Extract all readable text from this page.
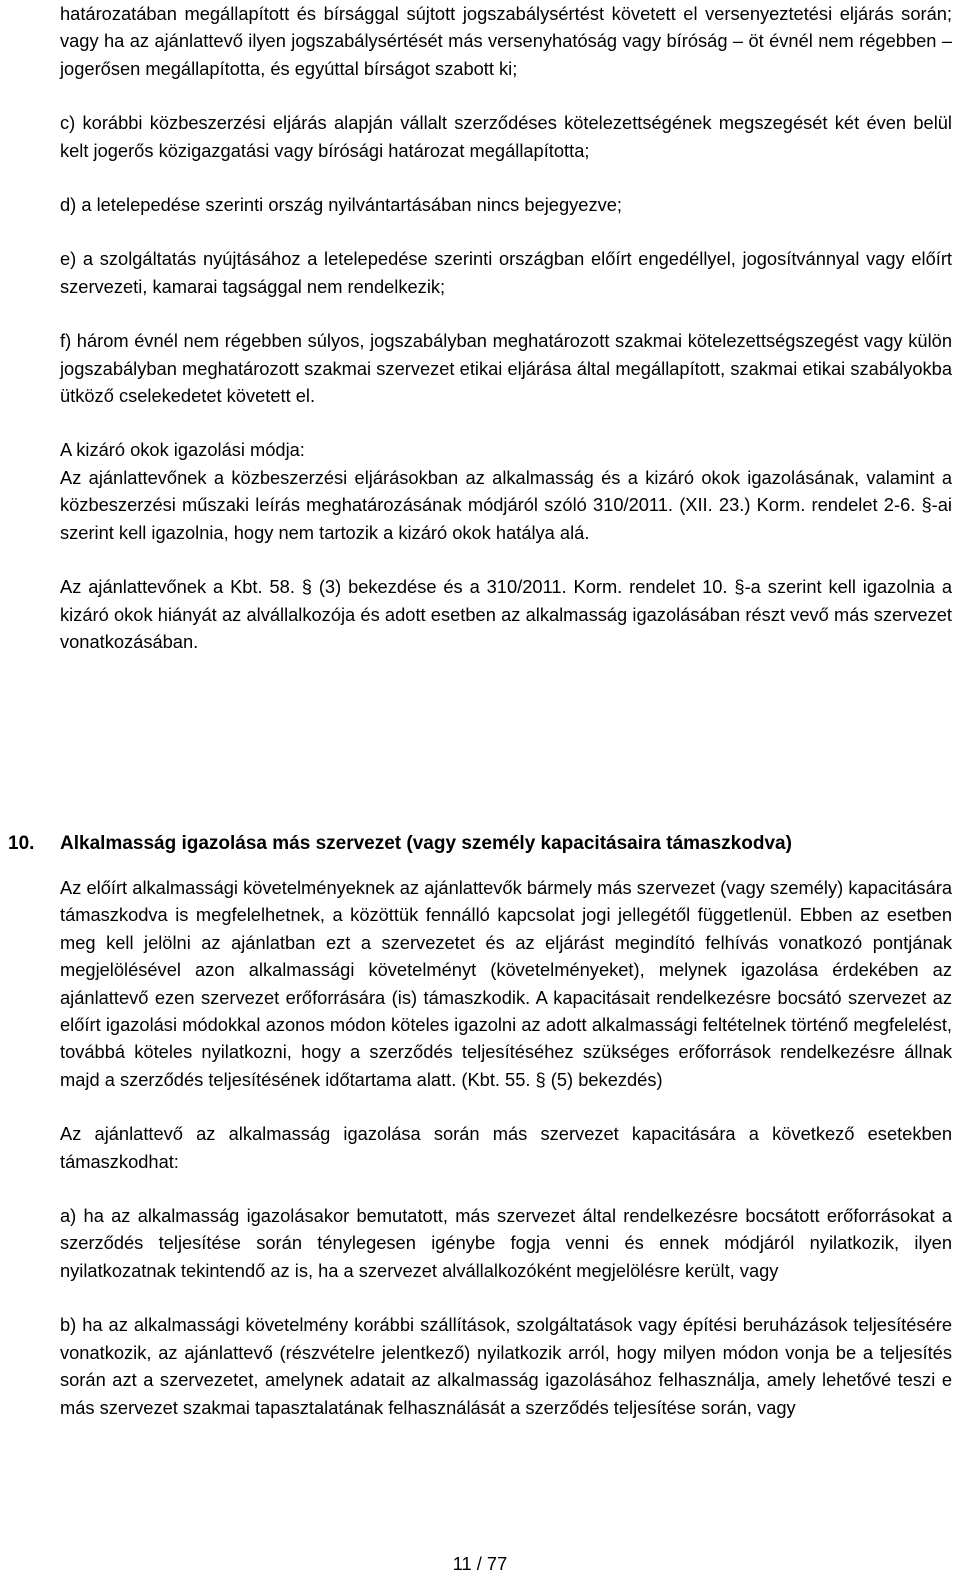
határozatában megállapított és bírsággal sújtott jogszabálysértést követett el versenyeztetési eljárás során; vagy ha az ajánlattevő ilyen jogszabálysértését más versenyhatóság vagy bíróság – öt évnél nem régebben – jogerősen megállapította, és egyúttal bírságot szabott ki;

c) korábbi közbeszerzési eljárás alapján vállalt szerződéses kötelezettségének megszegését két éven belül kelt jogerős közigazgatási vagy bírósági határozat megállapította;

d) a letelepedése szerinti ország nyilvántartásában nincs bejegyezve;

e) a szolgáltatás nyújtásához a letelepedése szerinti országban előírt engedéllyel, jogosítvánnyal vagy előírt szervezeti, kamarai tagsággal nem rendelkezik;

f) három évnél nem régebben súlyos, jogszabályban meghatározott szakmai kötelezettségszegést vagy külön jogszabályban meghatározott szakmai szervezet etikai eljárása által megállapított, szakmai etikai szabályokba ütköző cselekedetet követett el.

A kizáró okok igazolási módja:

Az ajánlattevőnek a közbeszerzési eljárásokban az alkalmasság és a kizáró okok igazolásának, valamint a közbeszerzési műszaki leírás meghatározásának módjáról szóló 310/2011. (XII. 23.) Korm. rendelet 2-6. §-ai szerint kell igazolnia, hogy nem tartozik a kizáró okok hatálya alá.

Az ajánlattevőnek a Kbt. 58. § (3) bekezdése és a 310/2011. Korm. rendelet 10. §-a szerint kell igazolnia a kizáró okok hiányát az alvállalkozója és adott esetben az alkalmasság igazolásában részt vevő más szervezet vonatkozásában.

10.	Alkalmasság igazolása más szervezet (vagy személy kapacitásaira támaszkodva)

Az előírt alkalmassági követelményeknek az ajánlattevők bármely más szervezet (vagy személy) kapacitására támaszkodva is megfelelhetnek, a közöttük fennálló kapcsolat jogi jellegétől függetlenül. Ebben az esetben meg kell jelölni az ajánlatban ezt a szervezetet és az eljárást megindító felhívás vonatkozó pontjának megjelölésével azon alkalmassági követelményt (követelményeket), melynek igazolása érdekében az ajánlattevő ezen szervezet erőforrására (is) támaszkodik. A kapacitásait rendelkezésre bocsátó szervezet az előírt igazolási módokkal azonos módon köteles igazolni az adott alkalmassági feltételnek történő megfelelést, továbbá köteles nyilatkozni, hogy a szerződés teljesítéséhez szükséges erőforrások rendelkezésre állnak majd a szerződés teljesítésének időtartama alatt. (Kbt. 55. § (5) bekezdés)

Az ajánlattevő az alkalmasság igazolása során más szervezet kapacitására a következő esetekben támaszkodhat:

a) ha az alkalmasság igazolásakor bemutatott, más szervezet által rendelkezésre bocsátott erőforrásokat a szerződés teljesítése során ténylegesen igénybe fogja venni és ennek módjáról nyilatkozik, ilyen nyilatkozatnak tekintendő az is, ha a szervezet alvállalkozóként megjelölésre került, vagy

b) ha az alkalmassági követelmény korábbi szállítások, szolgáltatások vagy építési beruházások teljesítésére vonatkozik, az ajánlattevő (részvételre jelentkező) nyilatkozik arról, hogy milyen módon vonja be a teljesítés során azt a szervezetet, amelynek adatait az alkalmasság igazolásához felhasználja, amely lehetővé teszi e más szervezet szakmai tapasztalatának felhasználását a szerződés teljesítése során, vagy

11 / 77
